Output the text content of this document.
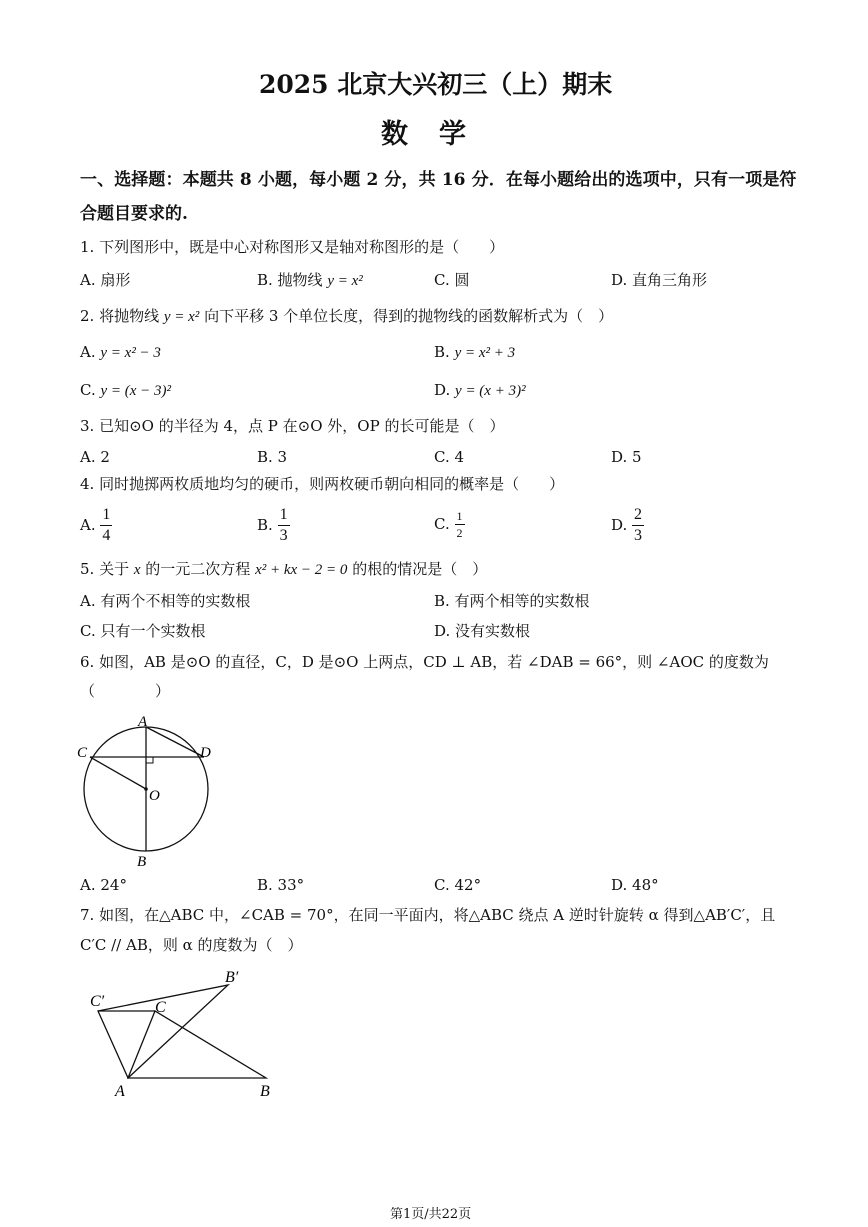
2025 北京大兴初三（上）期末
数　学
一、选择题：本题共 8 小题，每小题 2 分，共 16 分．在每小题给出的选项中，只有一项是符
合题目要求的.
1. 下列图形中，既是中心对称图形又是轴对称图形的是（　　）
A. 扇形	B. 抛物线 y = x²	C. 圆	D. 直角三角形
2. 将抛物线 y = x² 向下平移 3 个单位长度，得到的抛物线的函数解析式为（　）
A. y = x² − 3	B. y = x² + 3
C. y = (x − 3)²	D. y = (x + 3)²
3. 已知⊙O 的半径为 4，点 P 在⊙O 外，OP 的长可能是（　）
A. 2	B. 3	C. 4	D. 5
4. 同时抛掷两枚质地均匀的硬币，则两枚硬币朝向相同的概率是（　　）
A. $\frac{1}{4}$	B. $\frac{1}{3}$	C. $\frac{1}{2}$	D. $\frac{2}{3}$
5. 关于 x 的一元二次方程 x² + kx − 2 = 0 的根的情况是（　）
A. 有两个不相等的实数根	B. 有两个相等的实数根
C. 只有一个实数根	D. 没有实数根
6. 如图，AB 是⊙O 的直径，C，D 是⊙O 上两点，CD ⊥ AB，若 ∠DAB = 66°，则 ∠AOC 的度数为
（　　　　）
A
C	D
O
B
A. 24°	B. 33°	C. 42°	D. 48°
7. 如图，在△ABC 中，∠CAB = 70°，在同一平面内，将△ABC 绕点 A 逆时针旋转 α 得到△AB′C′，且
C′C // AB，则 α 的度数为（　）
C′	C
B′
A	B
第1页/共22页
